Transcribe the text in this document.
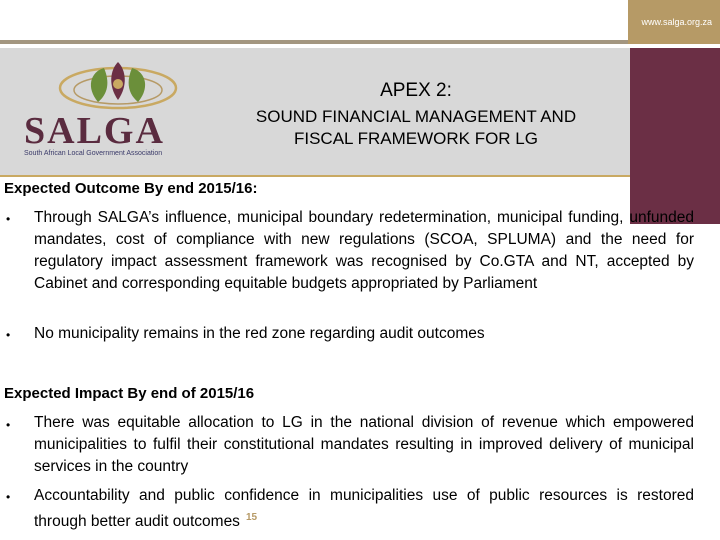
www.salga.org.za
SALGA
South African Local Government Association
APEX 2:
SOUND FINANCIAL MANAGEMENT AND
FISCAL FRAMEWORK FOR LG
Expected Outcome By end 2015/16:
• Through SALGA’s influence, municipal boundary redetermination, municipal funding, unfunded mandates, cost of compliance with new regulations (SCOA, SPLUMA) and the need for regulatory impact assessment framework was recognised by Co.GTA and NT, accepted by Cabinet and corresponding equitable budgets appropriated by Parliament
• No municipality remains in the red zone regarding audit outcomes
Expected Impact By end of 2015/16
• There was equitable allocation to LG in the national division of revenue which empowered municipalities to fulfil their constitutional mandates resulting in improved delivery of municipal services in the country
• Accountability and public confidence in municipalities use of public resources is restored through better audit outcomes $^{15}$
